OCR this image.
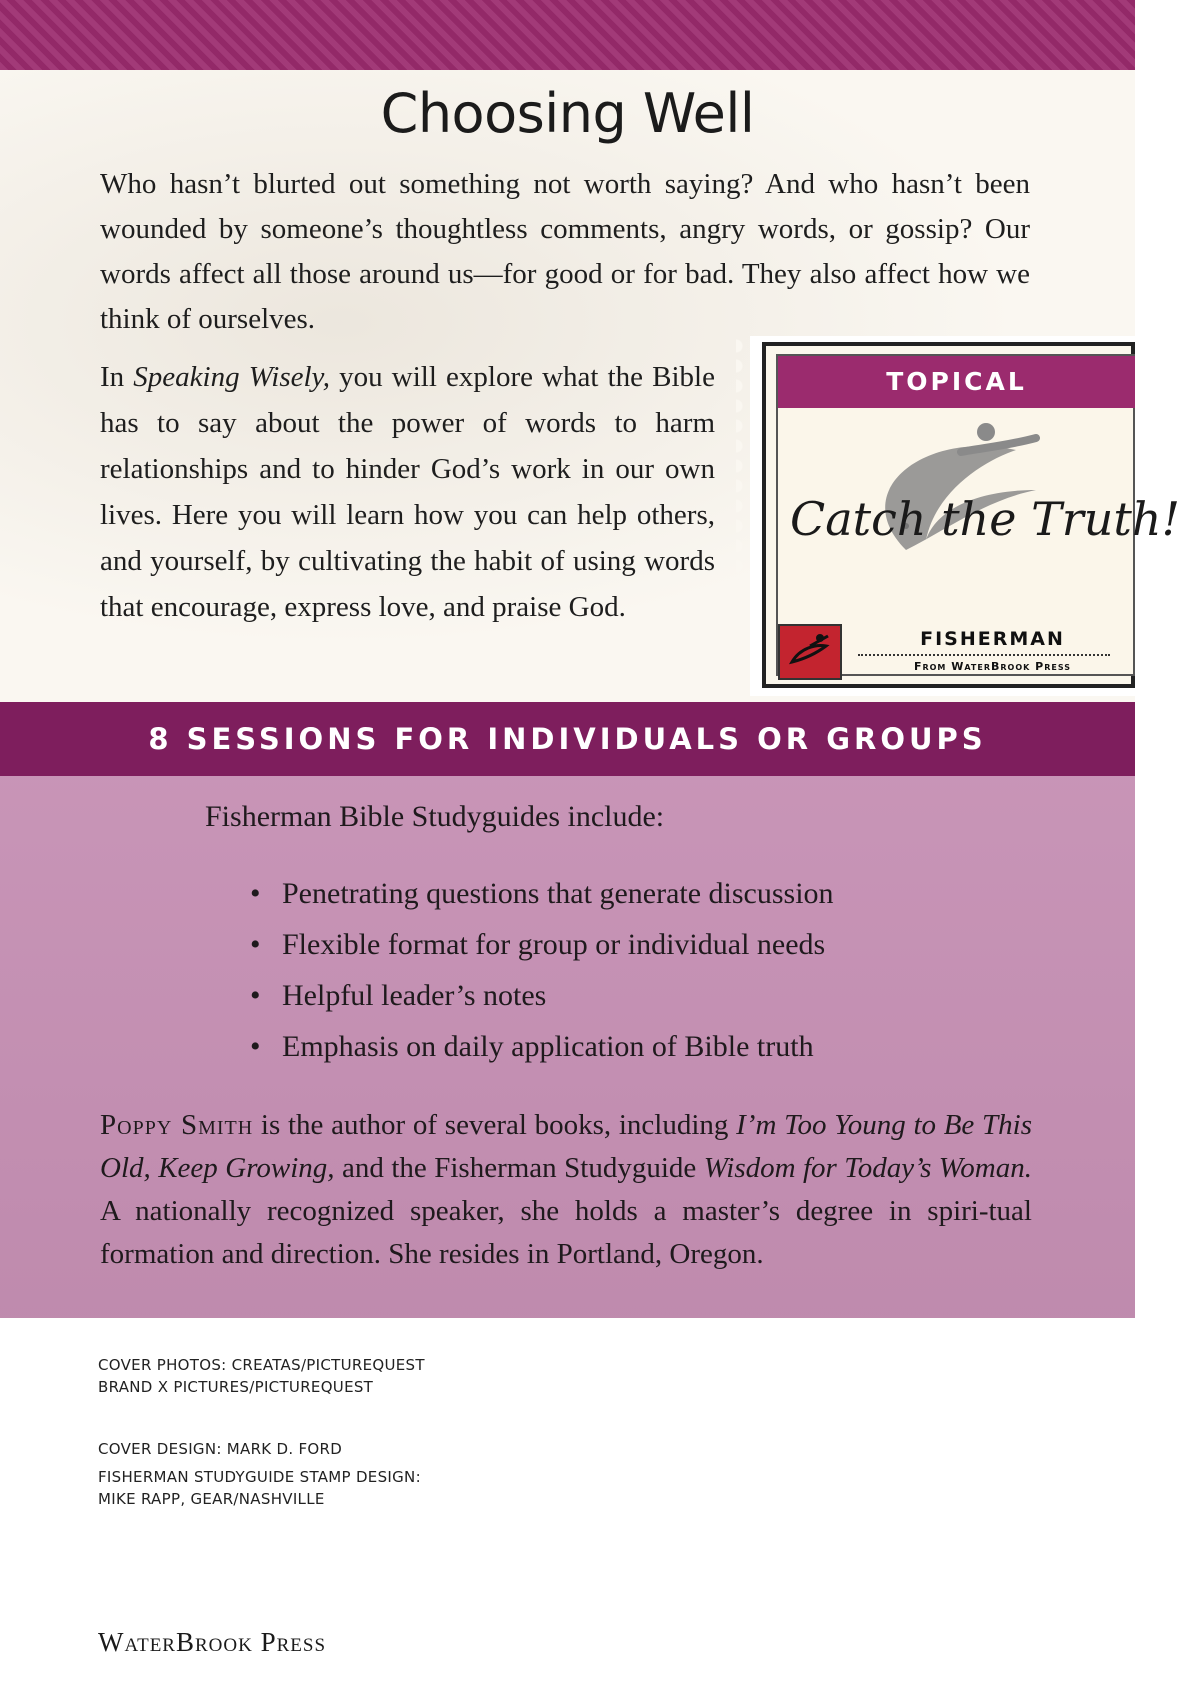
Choosing Well

Who hasn’t blurted out something not worth saying? And who hasn’t been wounded by someone’s thoughtless comments, angry words, or gossip? Our words affect all those around us—for good or for bad. They also affect how we think of ourselves.

In Speaking Wisely, you will explore what the Bible has to say about the power of words to harm relationships and to hinder God’s work in our own lives. Here you will learn how you can help others, and yourself, by cultivating the habit of using words that encourage, express love, and praise God.

TOPICAL
Catch the Truth!
FISHERMAN
From WaterBrook Press
8 SESSIONS FOR INDIVIDUALS OR GROUPS

Fisherman Bible Studyguides include:

• Penetrating questions that generate discussion
• Flexible format for group or individual needs
• Helpful leader’s notes
• Emphasis on daily application of Bible truth

Poppy Smith is the author of several books, including I’m Too Young to Be This Old, Keep Growing, and the Fisherman Studyguide Wisdom for Today’s Woman. A nationally recognized speaker, she holds a master’s degree in spiri-tual formation and direction. She resides in Portland, Oregon.

COVER PHOTOS: CREATAS/PICTUREQUEST
BRAND X PICTURES/PICTUREQUEST
COVER DESIGN: MARK D. FORD
FISHERMAN STUDYGUIDE STAMP DESIGN:
MIKE RAPP, GEAR/NASHVILLE
WaterBrook Press
